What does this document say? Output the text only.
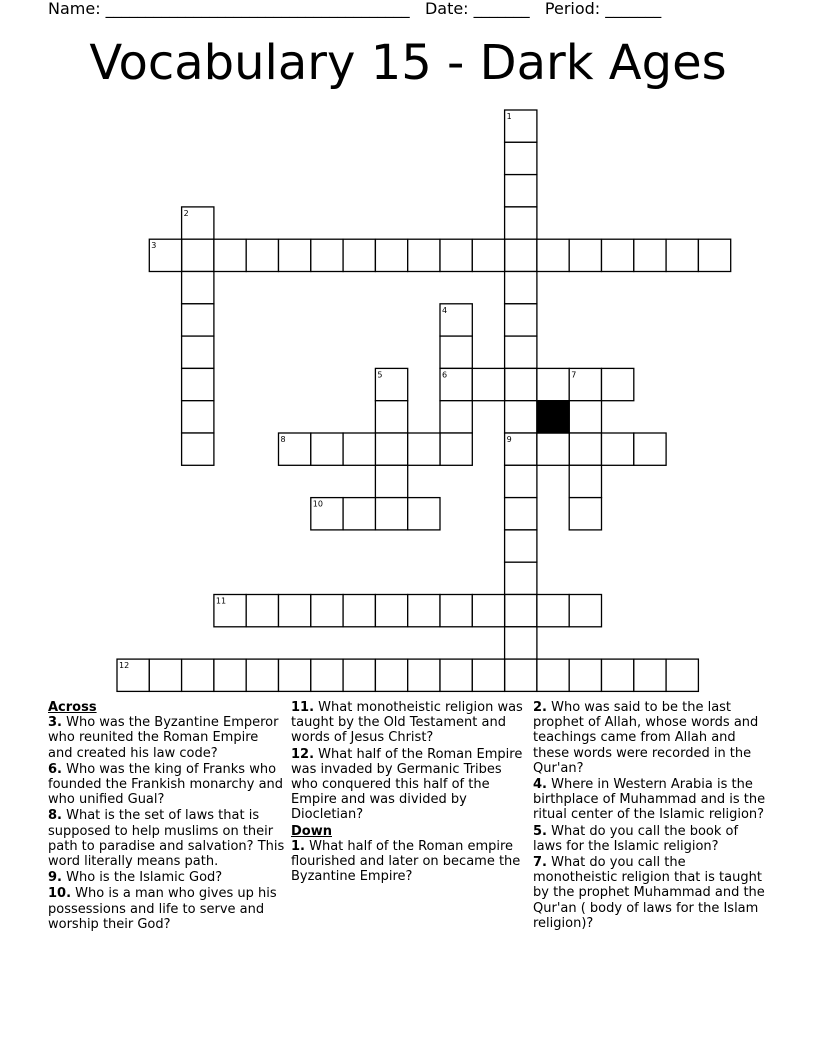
Name: ______________________________________   Date: _______   Period: _______
Vocabulary 15 - Dark Ages
1
2
3
4
5	6	7
8	9
10
11
12
Across
3. Who was the Byzantine Emperor who reunited the Roman Empire and created his law code?
6. Who was the king of Franks who founded the Frankish monarchy and who unified Gual?
8. What is the set of laws that is supposed to help muslims on their path to paradise and salvation? This word literally means path.
9. Who is the Islamic God?
10. Who is a man who gives up his possessions and life to serve and worship their God?
11. What monotheistic religion was taught by the Old Testament and words of Jesus Christ?
12. What half of the Roman Empire was invaded by Germanic Tribes who conquered this half of the Empire and was divided by Diocletian?
Down
1. What half of the Roman empire flourished and later on became the Byzantine Empire?
2. Who was said to be the last prophet of Allah, whose words and teachings came from Allah and these words were recorded in the Qur'an?
4. Where in Western Arabia is the birthplace of Muhammad and is the ritual center of the Islamic religion?
5. What do you call the book of laws for the Islamic religion?
7. What do you call the monotheistic religion that is taught by the prophet Muhammad and the Qur'an ( body of laws for the Islam religion)?
